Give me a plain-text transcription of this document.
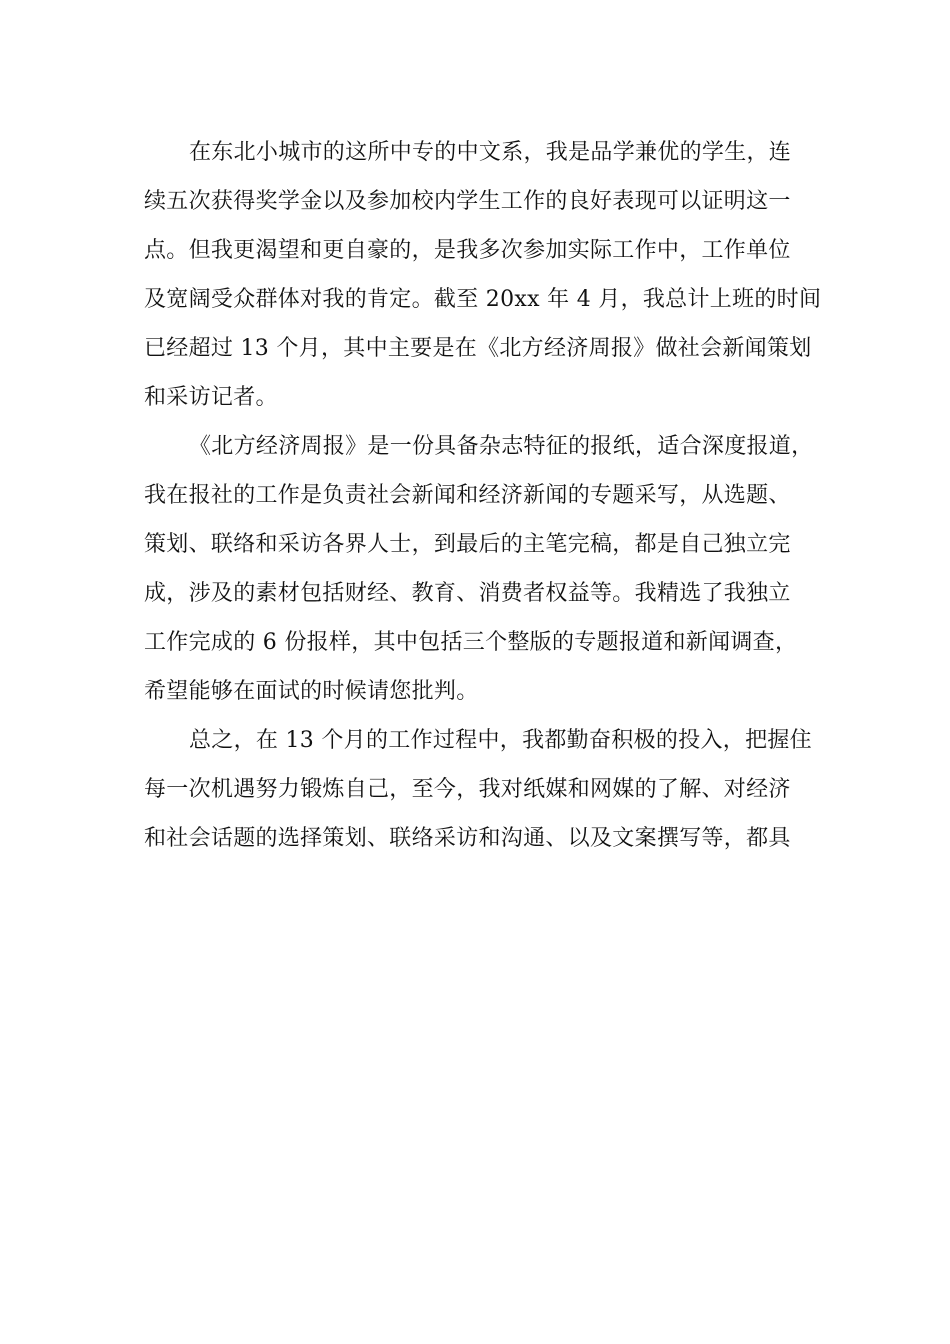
在东北小城市的这所中专的中文系，我是品学兼优的学生，连
续五次获得奖学金以及参加校内学生工作的良好表现可以证明这一
点。但我更渴望和更自豪的，是我多次参加实际工作中，工作单位
及宽阔受众群体对我的肯定。截至 20xx 年 4 月，我总计上班的时间
已经超过 13 个月，其中主要是在《北方经济周报》做社会新闻策划
和采访记者。
《北方经济周报》是一份具备杂志特征的报纸，适合深度报道，
我在报社的工作是负责社会新闻和经济新闻的专题采写，从选题、
策划、联络和采访各界人士，到最后的主笔完稿，都是自己独立完
成，涉及的素材包括财经、教育、消费者权益等。我精选了我独立
工作完成的 6 份报样，其中包括三个整版的专题报道和新闻调查，
希望能够在面试的时候请您批判。
总之，在 13 个月的工作过程中，我都勤奋积极的投入，把握住
每一次机遇努力锻炼自己，至今，我对纸媒和网媒的了解、对经济
和社会话题的选择策划、联络采访和沟通、以及文案撰写等，都具
